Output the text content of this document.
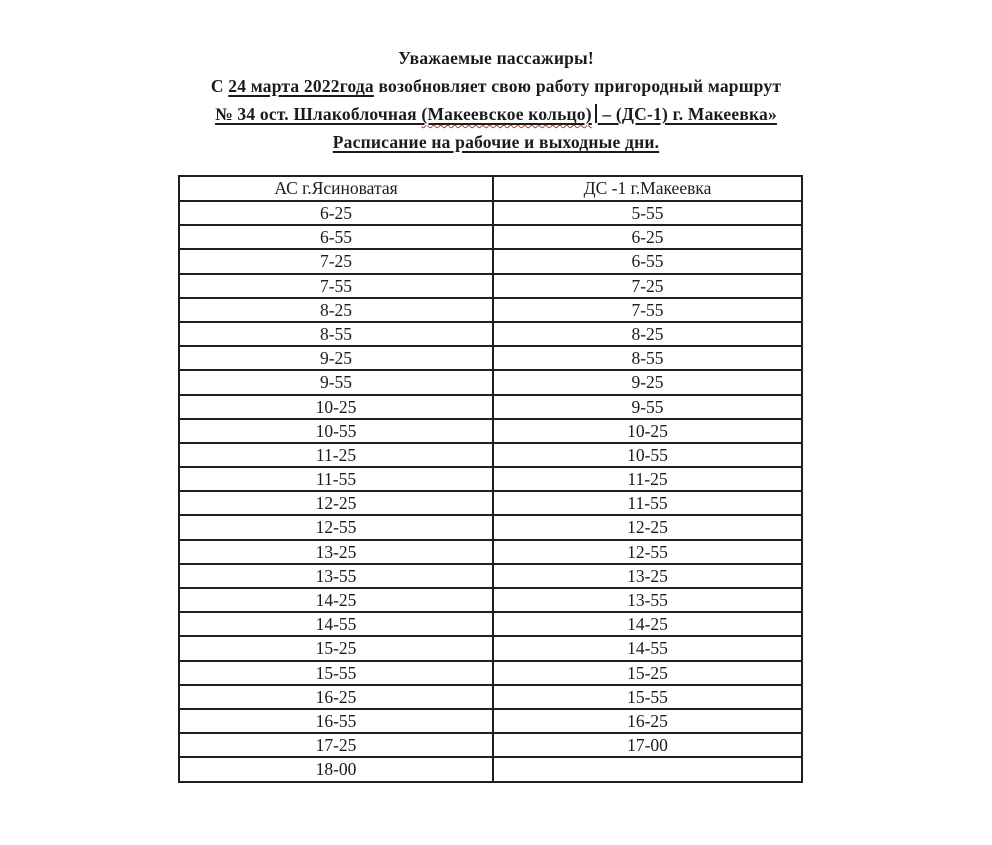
Уважаемые пассажиры!

С 24 марта 2022года возобновляет свою работу пригородный маршрут

№ 34 ост. Шлакоблочная (Макеевское кольцо) – (ДС-1) г. Макеевка»

Расписание на рабочие и выходные дни.

АС г.Ясиноватая	ДС -1 г.Макеевка
6-25	5-55
6-55	6-25
7-25	6-55
7-55	7-25
8-25	7-55
8-55	8-25
9-25	8-55
9-55	9-25
10-25	9-55
10-55	10-25
11-25	10-55
11-55	11-25
12-25	11-55
12-55	12-25
13-25	12-55
13-55	13-25
14-25	13-55
14-55	14-25
15-25	14-55
15-55	15-25
16-25	15-55
16-55	16-25
17-25	17-00
18-00	
